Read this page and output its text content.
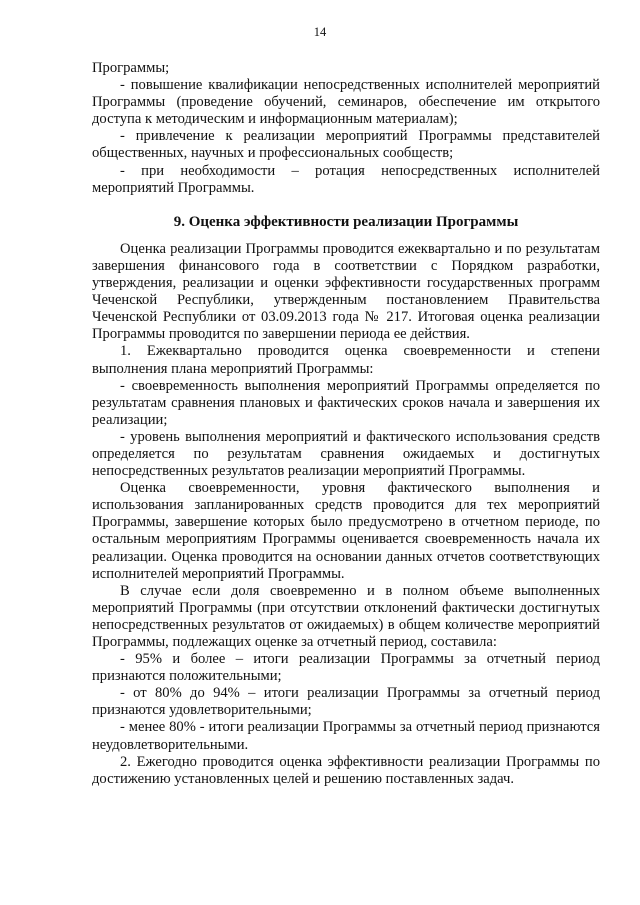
14

Программы;

- повышение квалификации непосредственных исполнителей мероприятий Программы (проведение обучений, семинаров, обеспечение им открытого доступа к методическим и информационным материалам);

- привлечение к реализации мероприятий Программы представителей общественных, научных и профессиональных сообществ;

- при необходимости – ротация непосредственных исполнителей мероприятий Программы.

9. Оценка эффективности реализации Программы

Оценка реализации Программы проводится ежеквартально и по результатам завершения финансового года в соответствии с Порядком разработки, утверждения, реализации и оценки эффективности государственных программ Чеченской Республики, утвержденным постановлением Правительства Чеченской Республики от 03.09.2013 года № 217. Итоговая оценка реализации Программы проводится по завершении периода ее действия.

1. Ежеквартально проводится оценка своевременности и степени выполнения плана мероприятий Программы:

- своевременность выполнения мероприятий Программы определяется по результатам сравнения плановых и фактических сроков начала и завершения их реализации;

- уровень выполнения мероприятий и фактического использования средств определяется по результатам сравнения ожидаемых и достигнутых непосредственных результатов реализации мероприятий Программы.

Оценка своевременности, уровня фактического выполнения и использования запланированных средств проводится для тех мероприятий Программы, завершение которых было предусмотрено в отчетном периоде, по остальным мероприятиям Программы оценивается своевременность начала их реализации. Оценка проводится на основании данных отчетов соответствующих исполнителей мероприятий Программы.

В случае если доля своевременно и в полном объеме выполненных мероприятий Программы (при отсутствии отклонений фактически достигнутых непосредственных результатов от ожидаемых) в общем количестве мероприятий Программы, подлежащих оценке за отчетный период, составила:

- 95% и более – итоги реализации Программы за отчетный период признаются положительными;

- от 80% до 94% – итоги реализации Программы за отчетный период признаются удовлетворительными;

- менее 80% - итоги реализации Программы за отчетный период признаются неудовлетворительными.

2. Ежегодно проводится оценка эффективности реализации Программы по достижению установленных целей и решению поставленных задач.
